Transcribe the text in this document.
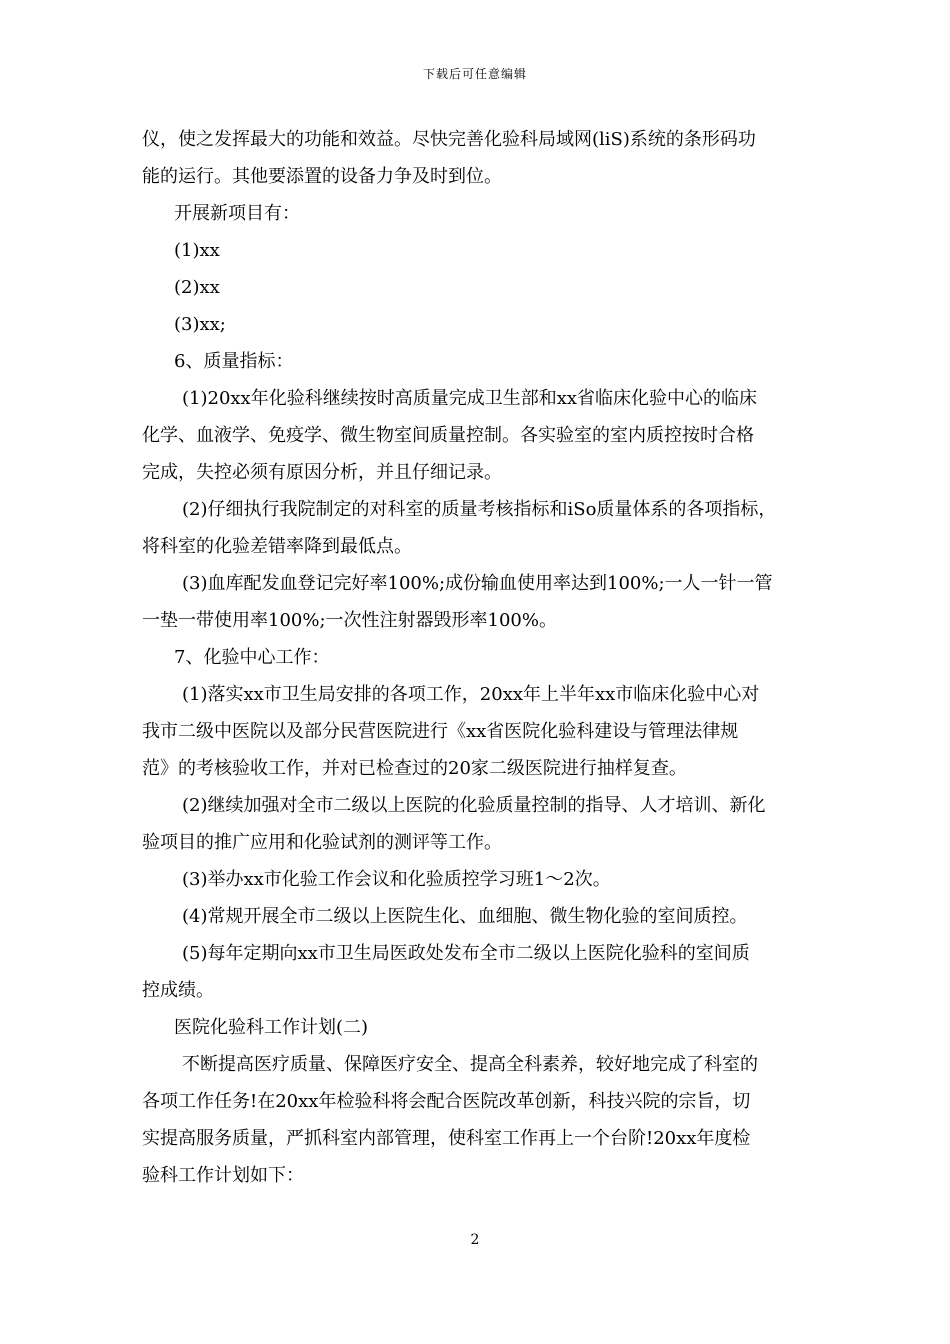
下载后可任意编辑

仪，使之发挥最大的功能和效益。尽快完善化验科局域网(liS)系统的条形码功

能的运行。其他要添置的设备力争及时到位。

开展新项目有：

(1)xx

(2)xx

(3)xx;

6、质量指标：

(1)20xx年化验科继续按时高质量完成卫生部和xx省临床化验中心的临床

化学、血液学、免疫学、微生物室间质量控制。各实验室的室内质控按时合格

完成，失控必须有原因分析，并且仔细记录。

(2)仔细执行我院制定的对科室的质量考核指标和iSo质量体系的各项指标，

将科室的化验差错率降到最低点。

(3)血库配发血登记完好率100%;成份输血使用率达到100%;一人一针一管

一垫一带使用率100%;一次性注射器毁形率100%。

7、化验中心工作：

(1)落实xx市卫生局安排的各项工作，20xx年上半年xx市临床化验中心对

我市二级中医院以及部分民营医院进行《xx省医院化验科建设与管理法律规

范》的考核验收工作，并对已检查过的20家二级医院进行抽样复查。

(2)继续加强对全市二级以上医院的化验质量控制的指导、人才培训、新化

验项目的推广应用和化验试剂的测评等工作。

(3)举办xx市化验工作会议和化验质控学习班1～2次。

(4)常规开展全市二级以上医院生化、血细胞、微生物化验的室间质控。

(5)每年定期向xx市卫生局医政处发布全市二级以上医院化验科的室间质

控成绩。

医院化验科工作计划(二)

不断提高医疗质量、保障医疗安全、提高全科素养，较好地完成了科室的

各项工作任务!在20xx年检验科将会配合医院改革创新，科技兴院的宗旨，切

实提高服务质量，严抓科室内部管理，使科室工作再上一个台阶!20xx年度检

验科工作计划如下：

2
